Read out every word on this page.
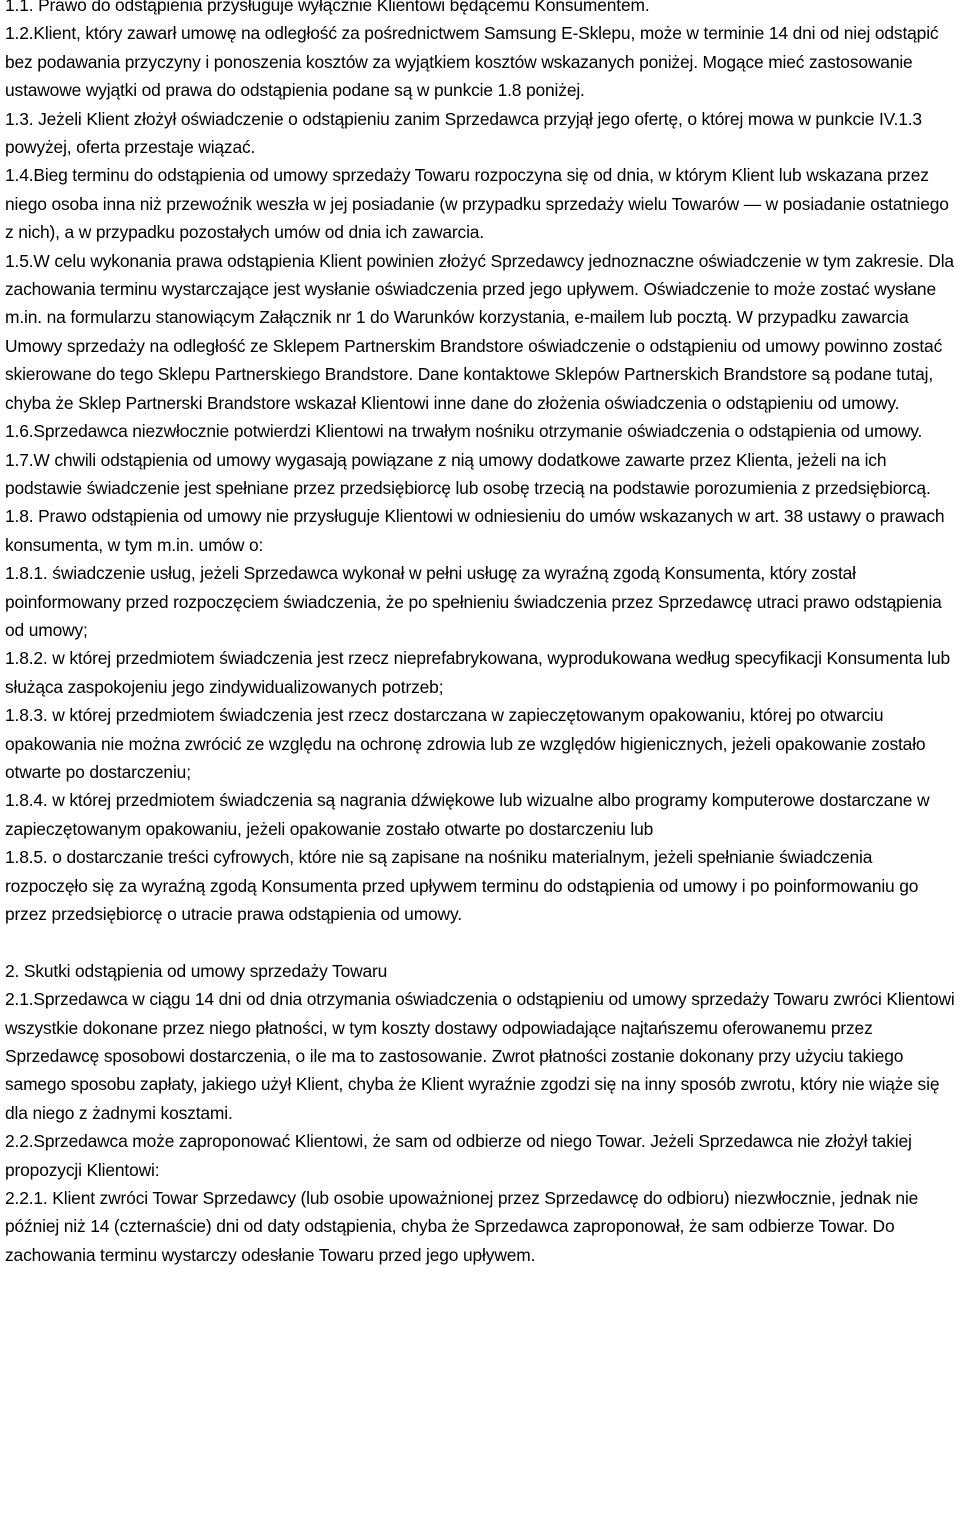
1.1. Prawo do odstąpienia przysługuje wyłącznie Klientowi będącemu Konsumentem.

1.2.Klient, który zawarł umowę na odległość za pośrednictwem Samsung E-Sklepu, może w terminie 14 dni od niej odstąpić bez podawania przyczyny i ponoszenia kosztów za wyjątkiem kosztów wskazanych poniżej. Mogące mieć zastosowanie ustawowe wyjątki od prawa do odstąpienia podane są w punkcie 1.8 poniżej.

1.3. Jeżeli Klient złożył oświadczenie o odstąpieniu zanim Sprzedawca przyjął jego ofertę, o której mowa w punkcie IV.1.3 powyżej, oferta przestaje wiązać.

1.4.Bieg terminu do odstąpienia od umowy sprzedaży Towaru rozpoczyna się od dnia, w którym Klient lub wskazana przez niego osoba inna niż przewoźnik weszła w jej posiadanie (w przypadku sprzedaży wielu Towarów ― w posiadanie ostatniego z nich), a w przypadku pozostałych umów od dnia ich zawarcia.

1.5.W celu wykonania prawa odstąpienia Klient powinien złożyć Sprzedawcy jednoznaczne oświadczenie w tym zakresie. Dla zachowania terminu wystarczające jest wysłanie oświadczenia przed jego upływem. Oświadczenie to może zostać wysłane m.in. na formularzu stanowiącym Załącznik nr 1 do Warunków korzystania, e-mailem lub pocztą. W przypadku zawarcia Umowy sprzedaży na odległość ze Sklepem Partnerskim Brandstore oświadczenie o odstąpieniu od umowy powinno zostać skierowane do tego Sklepu Partnerskiego Brandstore. Dane kontaktowe Sklepów Partnerskich Brandstore są podane tutaj, chyba że Sklep Partnerski Brandstore wskazał Klientowi inne dane do złożenia oświadczenia o odstąpieniu od umowy.

1.6.Sprzedawca niezwłocznie potwierdzi Klientowi na trwałym nośniku otrzymanie oświadczenia o odstąpienia od umowy.

1.7.W chwili odstąpienia od umowy wygasają powiązane z nią umowy dodatkowe zawarte przez Klienta, jeżeli na ich podstawie świadczenie jest spełniane przez przedsiębiorcę lub osobę trzecią na podstawie porozumienia z przedsiębiorcą.

1.8. Prawo odstąpienia od umowy nie przysługuje Klientowi w odniesieniu do umów wskazanych w art. 38 ustawy o prawach konsumenta, w tym m.in. umów o:

1.8.1. świadczenie usług, jeżeli Sprzedawca wykonał w pełni usługę za wyraźną zgodą Konsumenta, który został poinformowany przed rozpoczęciem świadczenia, że po spełnieniu świadczenia przez Sprzedawcę utraci prawo odstąpienia od umowy;

1.8.2. w której przedmiotem świadczenia jest rzecz nieprefabrykowana, wyprodukowana według specyfikacji Konsumenta lub służąca zaspokojeniu jego zindywidualizowanych potrzeb;

1.8.3. w której przedmiotem świadczenia jest rzecz dostarczana w zapieczętowanym opakowaniu, której po otwarciu opakowania nie można zwrócić ze względu na ochronę zdrowia lub ze względów higienicznych, jeżeli opakowanie zostało otwarte po dostarczeniu;

1.8.4. w której przedmiotem świadczenia są nagrania dźwiękowe lub wizualne albo programy komputerowe dostarczane w zapieczętowanym opakowaniu, jeżeli opakowanie zostało otwarte po dostarczeniu lub

1.8.5. o dostarczanie treści cyfrowych, które nie są zapisane na nośniku materialnym, jeżeli spełnianie świadczenia rozpoczęło się za wyraźną zgodą Konsumenta przed upływem terminu do odstąpienia od umowy i po poinformowaniu go przez przedsiębiorcę o utracie prawa odstąpienia od umowy.

2. Skutki odstąpienia od umowy sprzedaży Towaru

2.1.Sprzedawca w ciągu 14 dni od dnia otrzymania oświadczenia o odstąpieniu od umowy sprzedaży Towaru zwróci Klientowi wszystkie dokonane przez niego płatności, w tym koszty dostawy odpowiadające najtańszemu oferowanemu przez Sprzedawcę sposobowi dostarczenia, o ile ma to zastosowanie. Zwrot płatności zostanie dokonany przy użyciu takiego samego sposobu zapłaty, jakiego użył Klient, chyba że Klient wyraźnie zgodzi się na inny sposób zwrotu, który nie wiąże się dla niego z żadnymi kosztami.

2.2.Sprzedawca może zaproponować Klientowi, że sam od odbierze od niego Towar. Jeżeli Sprzedawca nie złożył takiej propozycji Klientowi:

2.2.1. Klient zwróci Towar Sprzedawcy (lub osobie upoważnionej przez Sprzedawcę do odbioru) niezwłocznie, jednak nie później niż 14 (czternaście) dni od daty odstąpienia, chyba że Sprzedawca zaproponował, że sam odbierze Towar. Do zachowania terminu wystarczy odesłanie Towaru przed jego upływem.
